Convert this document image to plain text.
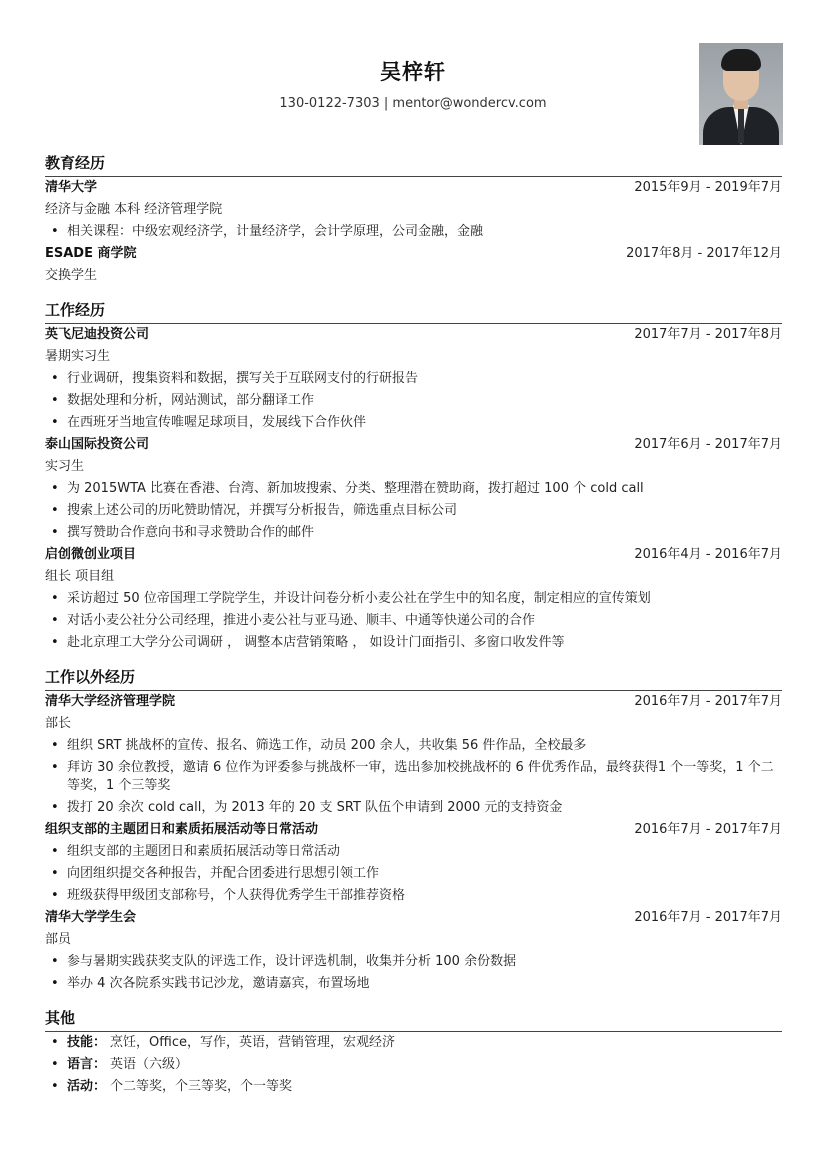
吴梓轩
130-0122-7303 | mentor@wondercv.com
教育经历
清华大学	2015年9月 - 2019年7月
经济与金融 本科 经济管理学院
• 相关课程：中级宏观经济学，计量经济学，会计学原理，公司金融，金融
ESADE 商学院	2017年8月 - 2017年12月
交换学生
工作经历
英飞尼迪投资公司	2017年7月 - 2017年8月
暑期实习生
• 行业调研，搜集资料和数据，撰写关于互联网支付的行研报告
• 数据处理和分析，网站测试，部分翻译工作
• 在西班牙当地宣传唯喔足球项目，发展线下合作伙伴
泰山国际投资公司	2017年6月 - 2017年7月
实习生
• 为 2015WTA 比赛在香港、台湾、新加坡搜索、分类、整理潜在赞助商，拨打超过 100 个 cold call
• 搜索上述公司的历叱赞助情况，并撰写分析报告，筛选重点目标公司
• 撰写赞助合作意向书和寻求赞助合作的邮件
启创微创业项目	2016年4月 - 2016年7月
组长 项目组
• 采访超过 50 位帝国理工学院学生，并设计问卷分析小麦公社在学生中的知名度，制定相应的宣传策划
• 对话小麦公社分公司经理，推进小麦公社与亚马逊、顺丰、中通等快递公司的合作
• 赴北京理工大学分公司调研 ， 调整本店营销策略 ， 如设计门面指引、多窗口收发件等
工作以外经历
清华大学经济管理学院	2016年7月 - 2017年7月
部长
• 组织 SRT 挑战杯的宣传、报名、筛选工作，动员 200 余人，共收集 56 件作品，全校最多
• 拜访 30 余位教授，邀请 6 位作为评委参与挑战杯一审，选出参加校挑战杯的 6 件优秀作品，最终获得1 个一等奖，1 个二等奖，1 个三等奖
• 拨打 20 余次 cold call，为 2013 年的 20 支 SRT 队伍个申请到 2000 元的支持资金
组织支部的主题团日和素质拓展活动等日常活动	2016年7月 - 2017年7月
• 组织支部的主题团日和素质拓展活动等日常活动
• 向团组织提交各种报告，并配合团委进行思想引领工作
• 班级获得甲级团支部称号，个人获得优秀学生干部推荐资格
清华大学学生会	2016年7月 - 2017年7月
部员
• 参与暑期实践获奖支队的评选工作，设计评选机制，收集并分析 100 余份数据
• 举办 4 次各院系实践书记沙龙，邀请嘉宾，布置场地
其他
• 技能： 烹饪，Office，写作，英语，营销管理，宏观经济
• 语言： 英语（六级）
• 活动： 个二等奖，个三等奖，个一等奖
